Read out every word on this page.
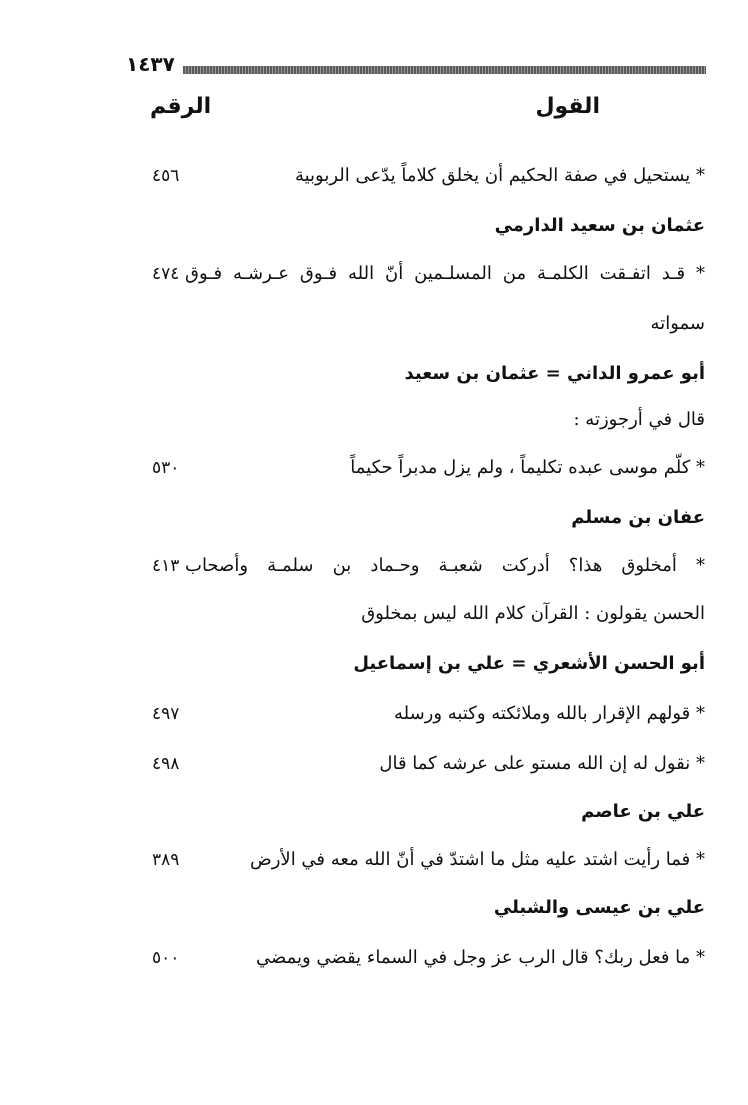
١٤٣٧
القول
الرقم
* يستحيل في صفة الحكيم أن يخلق كلاماً يدّعى الربوبية
٤٥٦
عثمان بن سعيد الدارمي
* قـد اتفـقت الكلمـة من المسلـمين أنّ الله فـوق عـرشـه فـوق
٤٧٤
سمواته
أبو عمرو الداني = عثمان بن سعيد
قال في أرجوزته :
* كلّم موسى عبده تكليماً ، ولم يزل مدبراً حكيماً
٥٣٠
عفان بن مسلم
* أمخلوق هذا؟ أدركت شعبـة وحـماد بن سلمـة وأصحاب
٤١٣
الحسن يقولون : القرآن كلام الله ليس بمخلوق
أبو الحسن الأشعري = علي بن إسماعيل
* قولهم الإقرار بالله وملائكته وكتبه ورسله
٤٩٧
* نقول له إن الله مستو على عرشه كما قال
٤٩٨
علي بن عاصم
* فما رأيت اشتد عليه مثل ما اشتدّ في أنّ الله معه في الأرض
٣٨٩
علي بن عيسى والشبلي
* ما فعل ربك؟ قال الرب عز وجل في السماء يقضي ويمضي
٥٠٠
